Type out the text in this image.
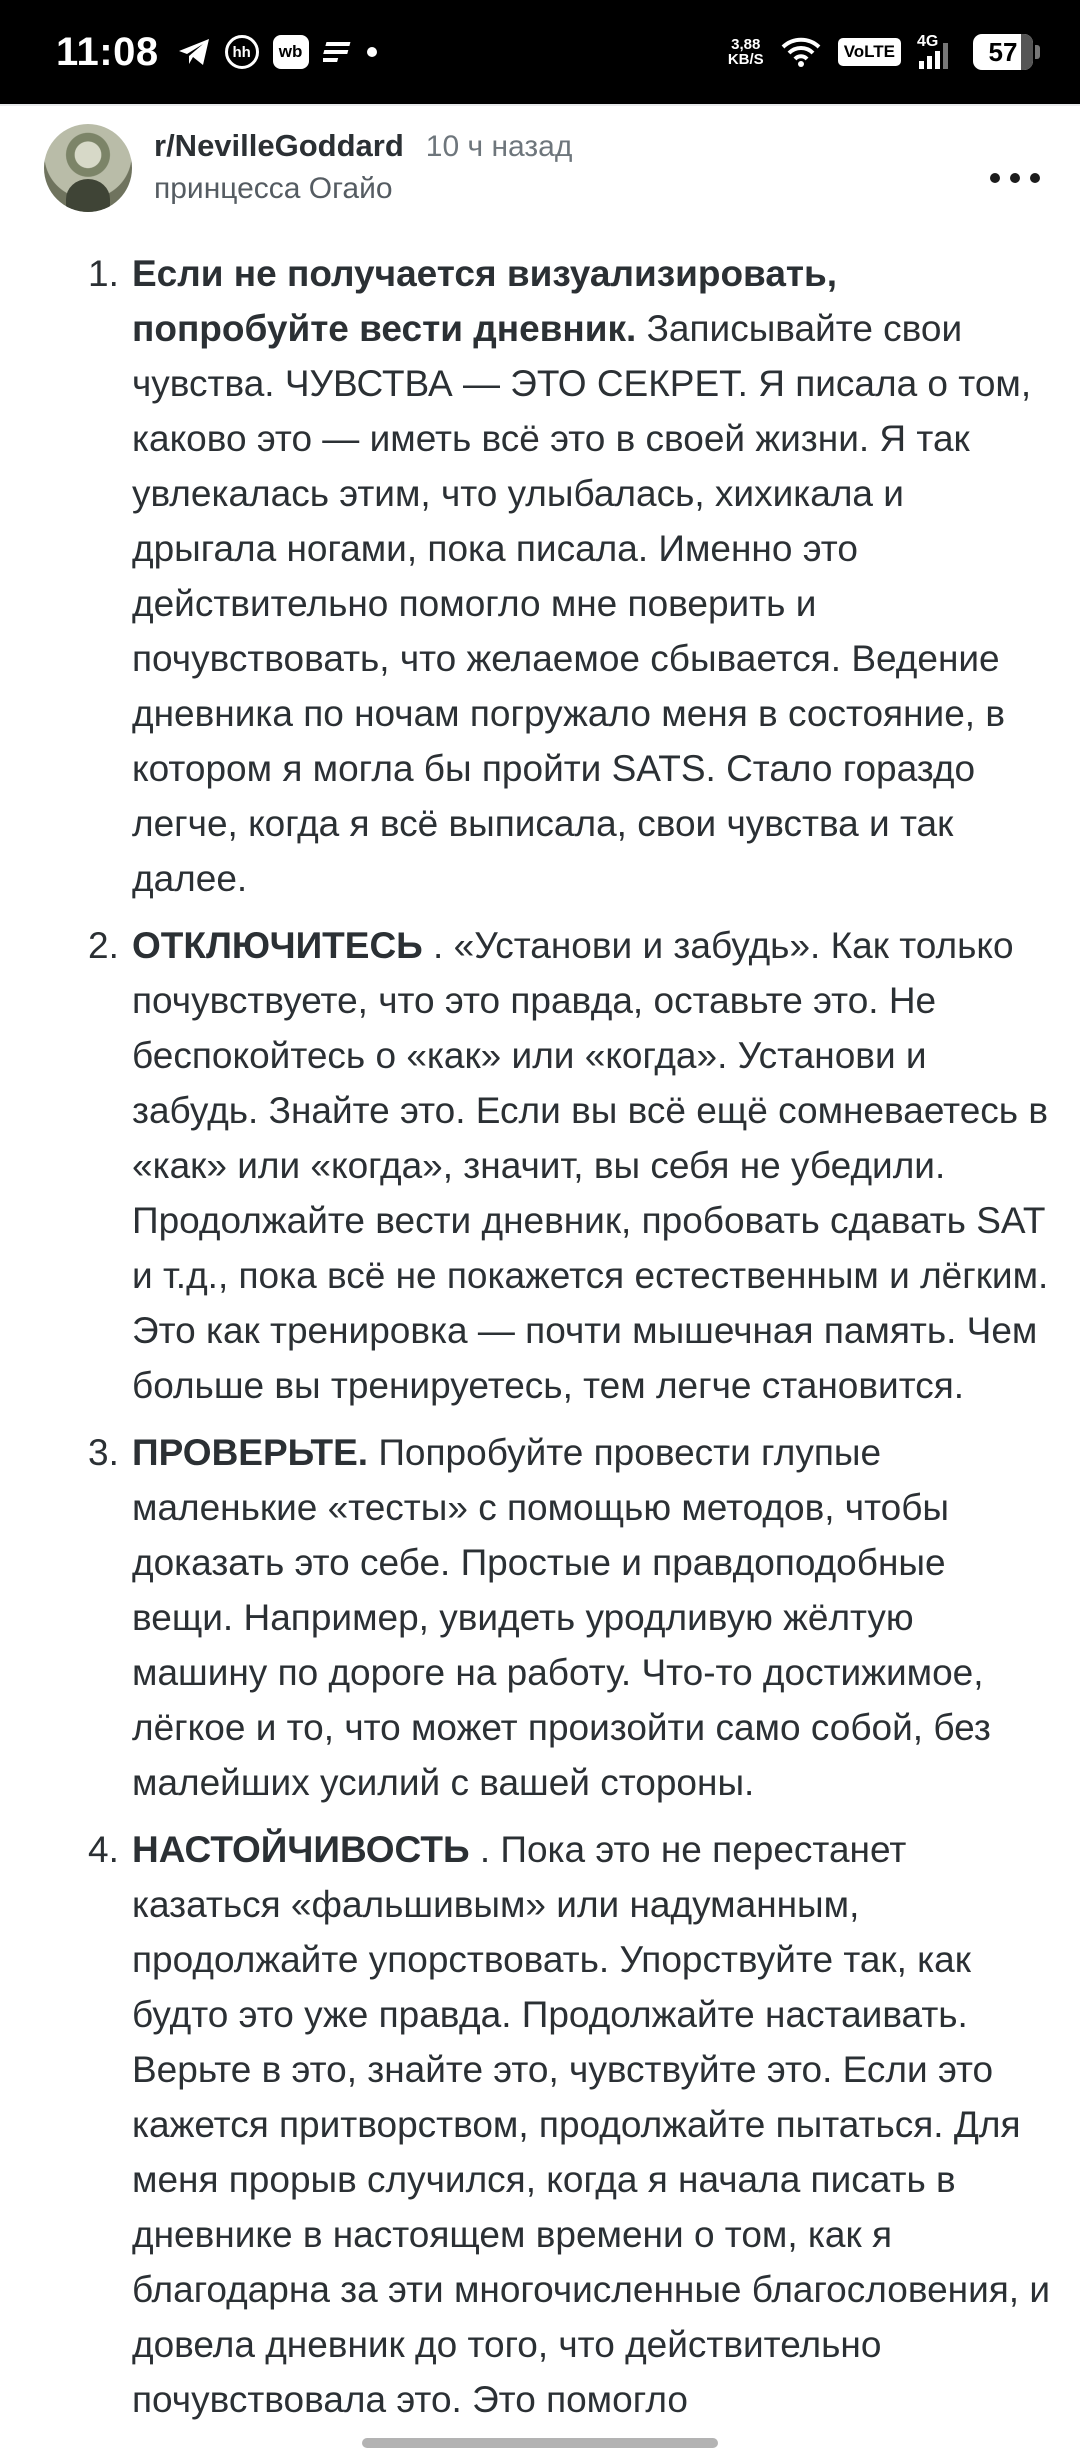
11:08	hh	wb	3,88
KB/S	VoLTE
4G 57
r/NevilleGoddard 10 ч назад
принцесса Огайо
1. Если не получается визуализировать, попробуйте вести дневник. Записывайте свои чувства. ЧУВСТВА — ЭТО СЕКРЕТ. Я писала о том, каково это — иметь всё это в своей жизни. Я так увлекалась этим, что улыбалась, хихикала и дрыгала ногами, пока писала. Именно это действительно помогло мне поверить и почувствовать, что желаемое сбывается. Ведение дневника по ночам погружало меня в состояние, в котором я могла бы пройти SATS. Стало гораздо легче, когда я всё выписала, свои чувства и так далее.
2. ОТКЛЮЧИТЕСЬ . «Установи и забудь». Как только почувствуете, что это правда, оставьте это. Не беспокойтесь о «как» или «когда». Установи и забудь. Знайте это. Если вы всё ещё сомневаетесь в «как» или «когда», значит, вы себя не убедили. Продолжайте вести дневник, пробовать сдавать SAT и т.д., пока всё не покажется естественным и лёгким. Это как тренировка — почти мышечная память. Чем больше вы тренируетесь, тем легче становится.
3. ПРОВЕРЬТЕ. Попробуйте провести глупые маленькие «тесты» с помощью методов, чтобы доказать это себе. Простые и правдоподобные вещи. Например, увидеть уродливую жёлтую машину по дороге на работу. Что-то достижимое, лёгкое и то, что может произойти само собой, без малейших усилий с вашей стороны.
4. НАСТОЙЧИВОСТЬ . Пока это не перестанет казаться «фальшивым» или надуманным, продолжайте упорствовать. Упорствуйте так, как будто это уже правда. Продолжайте настаивать. Верьте в это, знайте это, чувствуйте это. Если это кажется притворством, продолжайте пытаться. Для меня прорыв случился, когда я начала писать в дневнике в настоящем времени о том, как я благодарна за эти многочисленные благословения, и довела дневник до того, что действительно почувствовала это. Это помогло
